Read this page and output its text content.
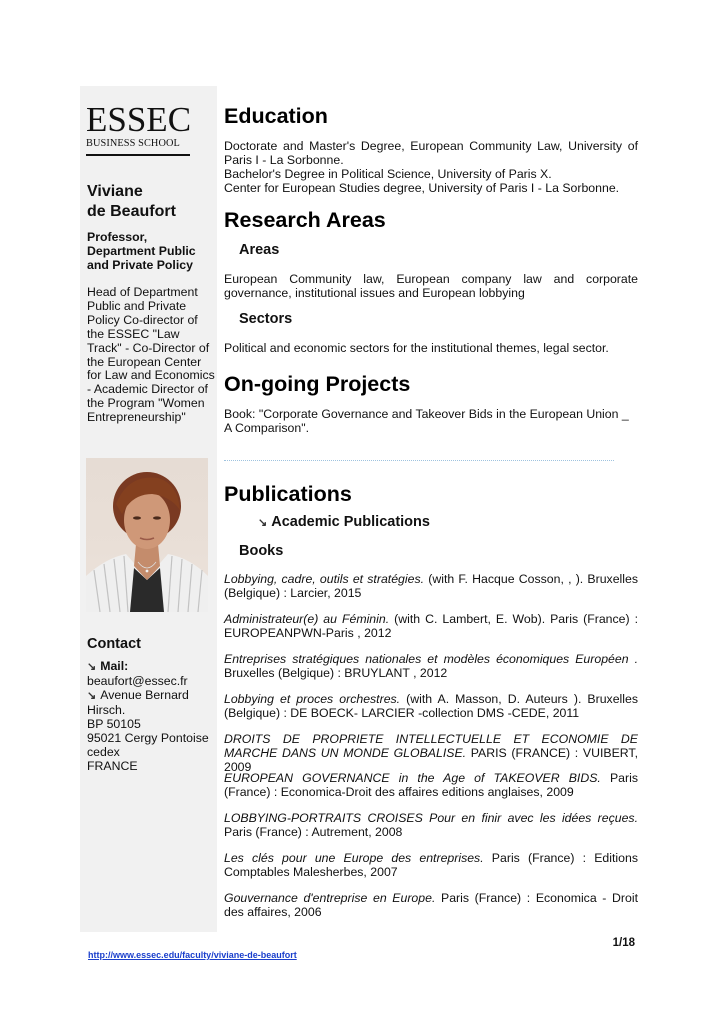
ESSEC
BUSINESS SCHOOL
Viviane
de Beaufort
Professor, Department Public and Private Policy
Head of Department Public and Private Policy Co-director of the ESSEC "Law Track" - Co-Director of the European Center for Law and Economics - Academic Director of the Program "Women Entrepreneurship"
Contact
↘ Mail:
beaufort@essec.fr
↘ Avenue Bernard Hirsch.
BP 50105
95021 Cergy Pontoise cedex
FRANCE
Education
Doctorate and Master's Degree, European Community Law, University of Paris I - La Sorbonne.
Bachelor's Degree in Political Science, University of Paris X.
Center for European Studies degree, University of Paris I - La Sorbonne.
Research Areas
Areas
European Community law, European company law and corporate governance, institutional issues and European lobbying
Sectors
Political and economic sectors for the institutional themes, legal sector.
On-going Projects
Book: "Corporate Governance and Takeover Bids in the European Union _ A Comparison".
Publications
↘ Academic Publications
Books
Lobbying, cadre, outils et stratégies. (with F. Hacque Cosson, , ). Bruxelles (Belgique) : Larcier, 2015
Administrateur(e) au Féminin. (with C. Lambert, E. Wob). Paris (France) : EUROPEANPWN-Paris , 2012
Entreprises stratégiques nationales et modèles économiques Européen . Bruxelles (Belgique) : BRUYLANT , 2012
Lobbying et proces orchestres. (with A. Masson, D. Auteurs ). Bruxelles (Belgique) : DE BOECK- LARCIER -collection DMS -CEDE, 2011
DROITS DE PROPRIETE INTELLECTUELLE ET ECONOMIE DE MARCHE DANS UN MONDE GLOBALISE. PARIS (FRANCE) : VUIBERT, 2009
EUROPEAN GOVERNANCE in the Age of TAKEOVER BIDS. Paris (France) : Economica-Droit des affaires editions anglaises, 2009
LOBBYING-PORTRAITS CROISES Pour en finir avec les idées reçues. Paris (France) : Autrement, 2008
Les clés pour une Europe des entreprises. Paris (France) : Editions Comptables Malesherbes, 2007
Gouvernance d'entreprise en Europe. Paris (France) : Economica - Droit des affaires, 2006
1/18
http://www.essec.edu/faculty/viviane-de-beaufort
